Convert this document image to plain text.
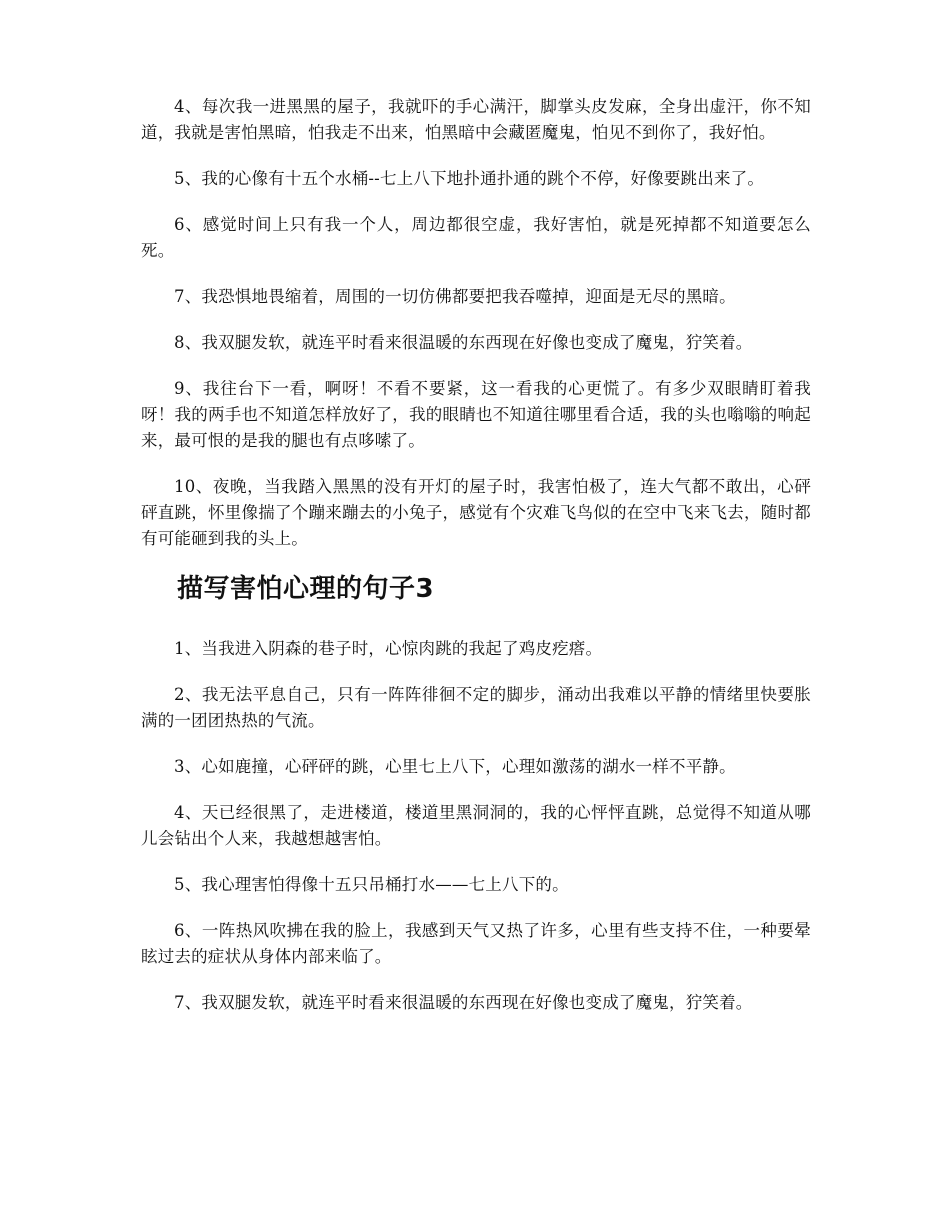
4、每次我一进黑黑的屋子，我就吓的手心满汗，脚掌头皮发麻，全身出虚汗，你不知道，我就是害怕黑暗，怕我走不出来，怕黑暗中会藏匿魔鬼，怕见不到你了，我好怕。

5、我的心像有十五个水桶--七上八下地扑通扑通的跳个不停，好像要跳出来了。

6、感觉时间上只有我一个人，周边都很空虚，我好害怕，就是死掉都不知道要怎么死。

7、我恐惧地畏缩着，周围的一切仿佛都要把我吞噬掉，迎面是无尽的黑暗。

8、我双腿发软，就连平时看来很温暖的东西现在好像也变成了魔鬼，狞笑着。

9、我往台下一看，啊呀！不看不要紧，这一看我的心更慌了。有多少双眼睛盯着我呀！我的两手也不知道怎样放好了，我的眼睛也不知道往哪里看合适，我的头也嗡嗡的响起来，最可恨的是我的腿也有点哆嗦了。

10、夜晚，当我踏入黑黑的没有开灯的屋子时，我害怕极了，连大气都不敢出，心砰砰直跳，怀里像揣了个蹦来蹦去的小兔子，感觉有个灾难飞鸟似的在空中飞来飞去，随时都有可能砸到我的头上。

描写害怕心理的句子3

1、当我进入阴森的巷子时，心惊肉跳的我起了鸡皮疙瘩。

2、我无法平息自己，只有一阵阵徘徊不定的脚步，涌动出我难以平静的情绪里快要胀满的一团团热热的气流。

3、心如鹿撞，心砰砰的跳，心里七上八下，心理如激荡的湖水一样不平静。

4、天已经很黑了，走进楼道，楼道里黑洞洞的，我的心怦怦直跳，总觉得不知道从哪儿会钻出个人来，我越想越害怕。

5、我心理害怕得像十五只吊桶打水——七上八下的。

6、一阵热风吹拂在我的脸上，我感到天气又热了许多，心里有些支持不住，一种要晕眩过去的症状从身体内部来临了。

7、我双腿发软，就连平时看来很温暖的东西现在好像也变成了魔鬼，狞笑着。
